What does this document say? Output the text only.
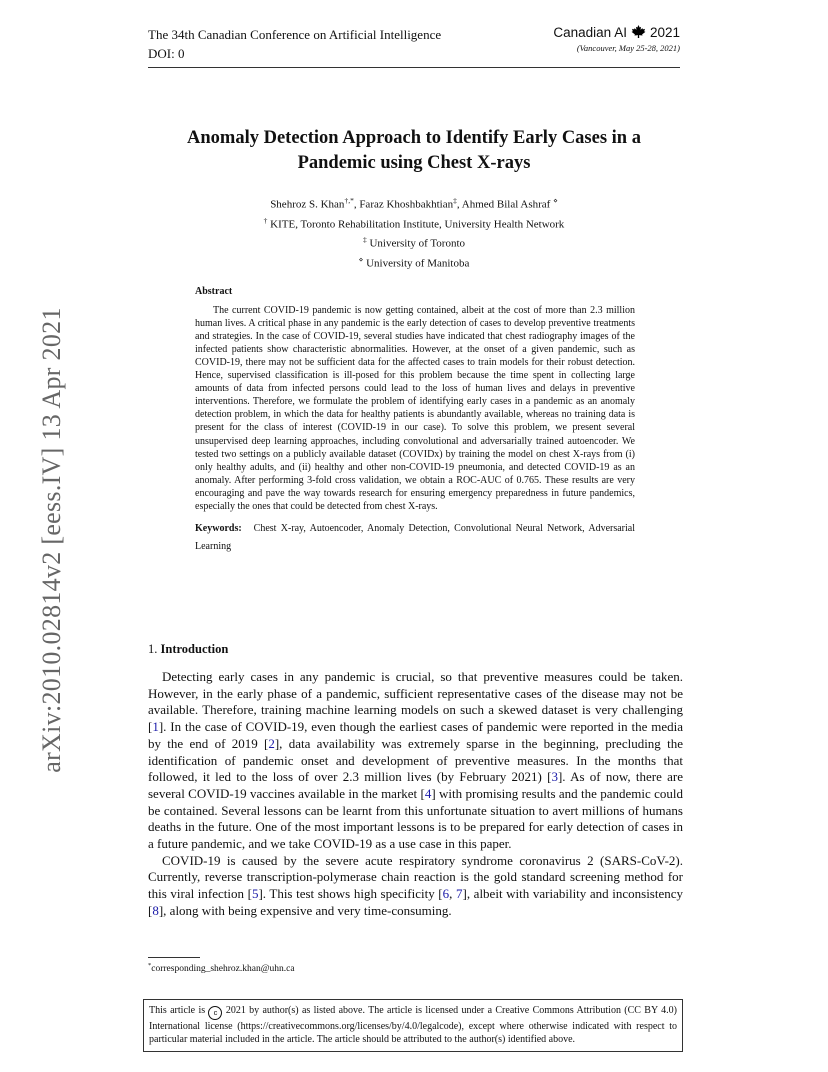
The 34th Canadian Conference on Artificial Intelligence
DOI: 0
Canadian AI 2021
(Vancouver, May 25-28, 2021)
arXiv:2010.02814v2 [eess.IV] 13 Apr 2021
Anomaly Detection Approach to Identify Early Cases in a
Pandemic using Chest X-rays
Shehroz S. Khan†,*, Faraz Khoshbakhtian‡, Ahmed Bilal Ashraf ⋄
† KITE, Toronto Rehabilitation Institute, University Health Network
‡ University of Toronto
⋄ University of Manitoba
Abstract
The current COVID-19 pandemic is now getting contained, albeit at the cost of more than 2.3 million human lives. A critical phase in any pandemic is the early detection of cases to develop preventive treatments and strategies. In the case of COVID-19, several studies have indicated that chest radiography images of the infected patients show characteristic abnormalities. However, at the onset of a given pandemic, such as COVID-19, there may not be sufficient data for the affected cases to train models for their robust detection. Hence, supervised classification is ill-posed for this problem because the time spent in collecting large amounts of data from infected persons could lead to the loss of human lives and delays in preventive interventions. Therefore, we formulate the problem of identifying early cases in a pandemic as an anomaly detection problem, in which the data for healthy patients is abundantly available, whereas no training data is present for the class of interest (COVID-19 in our case). To solve this problem, we present several unsupervised deep learning approaches, including convolutional and adversarially trained autoencoder. We tested two settings on a publicly available dataset (COVIDx) by training the model on chest X-rays from (i) only healthy adults, and (ii) healthy and other non-COVID-19 pneumonia, and detected COVID-19 as an anomaly. After performing 3-fold cross validation, we obtain a ROC-AUC of 0.765. These results are very encouraging and pave the way towards research for ensuring emergency preparedness in future pandemics, especially the ones that could be detected from chest X-rays.
Keywords: Chest X-ray, Autoencoder, Anomaly Detection, Convolutional Neural Network, Adversarial Learning
1. Introduction

Detecting early cases in any pandemic is crucial, so that preventive measures could be taken. However, in the early phase of a pandemic, sufficient representative cases of the disease may not be available. Therefore, training machine learning models on such a skewed dataset is very challenging [1]. In the case of COVID-19, even though the earliest cases of pandemic were reported in the media by the end of 2019 [2], data availability was extremely sparse in the beginning, precluding the identification of pandemic onset and development of preventive measures. In the months that followed, it led to the loss of over 2.3 million lives (by February 2021) [3]. As of now, there are several COVID-19 vaccines available in the market [4] with promising results and the pandemic could be contained. Several lessons can be learnt from this unfortunate situation to avert millions of humans deaths in the future. One of the most important lessons is to be prepared for early detection of cases in a future pandemic, and we take COVID-19 as a use case in this paper.

COVID-19 is caused by the severe acute respiratory syndrome coronavirus 2 (SARS-CoV-2). Currently, reverse transcription-polymerase chain reaction is the gold standard screening method for this viral infection [5]. This test shows high specificity [6, 7], albeit with variability and inconsistency [8], along with being expensive and very time-consuming.

*corresponding_shehroz.khan@uhn.ca
This article is c 2021 by author(s) as listed above. The article is licensed under a Creative Commons Attribution (CC BY 4.0) International license (https://creativecommons.org/licenses/by/4.0/legalcode), except where otherwise indicated with respect to particular material included in the article. The article should be attributed to the author(s) identified above.
